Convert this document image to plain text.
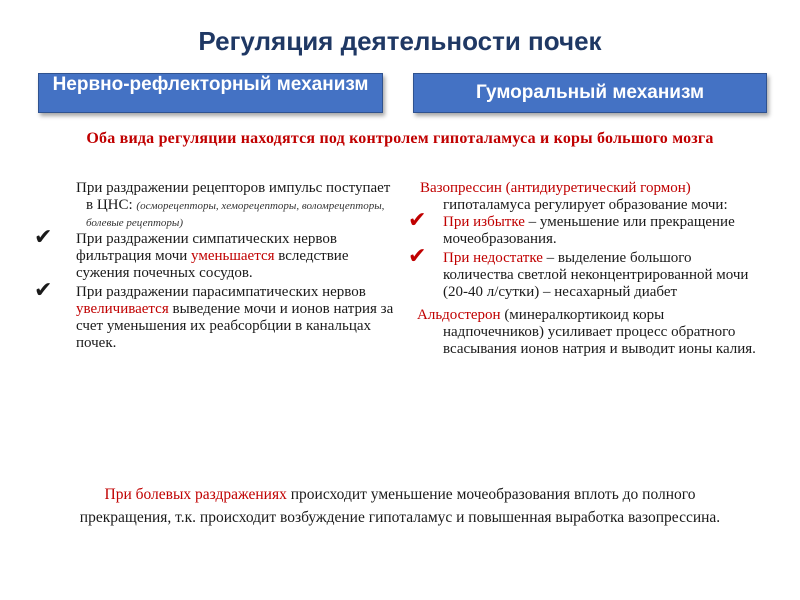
Регуляция деятельности почек
Нервно-рефлекторный механизм	Гуморальный механизм
Оба вида регуляции находятся под контролем гипоталамуса и коры большого мозга
При раздражении рецепторов импульс поступает в ЦНС: (осморецепторы, хеморецепторы, воломрецепторы, болевые рецепторы)
✔ При раздражении симпатических нервов фильтрация мочи уменьшается вследствие сужения почечных сосудов.
✔ При раздражении парасимпатических нервов увеличивается выведение мочи и ионов натрия за счет уменьшения их реабсорбции в канальцах почек.
Вазопрессин (антидиуретический гормон) гипоталамуса регулирует образование мочи:
✔ При избытке – уменьшение или прекращение мочеобразования.
✔ При недостатке – выделение большого количества светлой неконцентрированной мочи (20-40 л/сутки) – несахарный диабет
Альдостерон (минералкортикоид коры надпочечников) усиливает процесс обратного всасывания ионов натрия и выводит ионы калия.
При болевых раздражениях происходит уменьшение мочеобразования вплоть до полного прекращения, т.к. происходит возбуждение гипоталамус и повышенная выработка вазопрессина.
